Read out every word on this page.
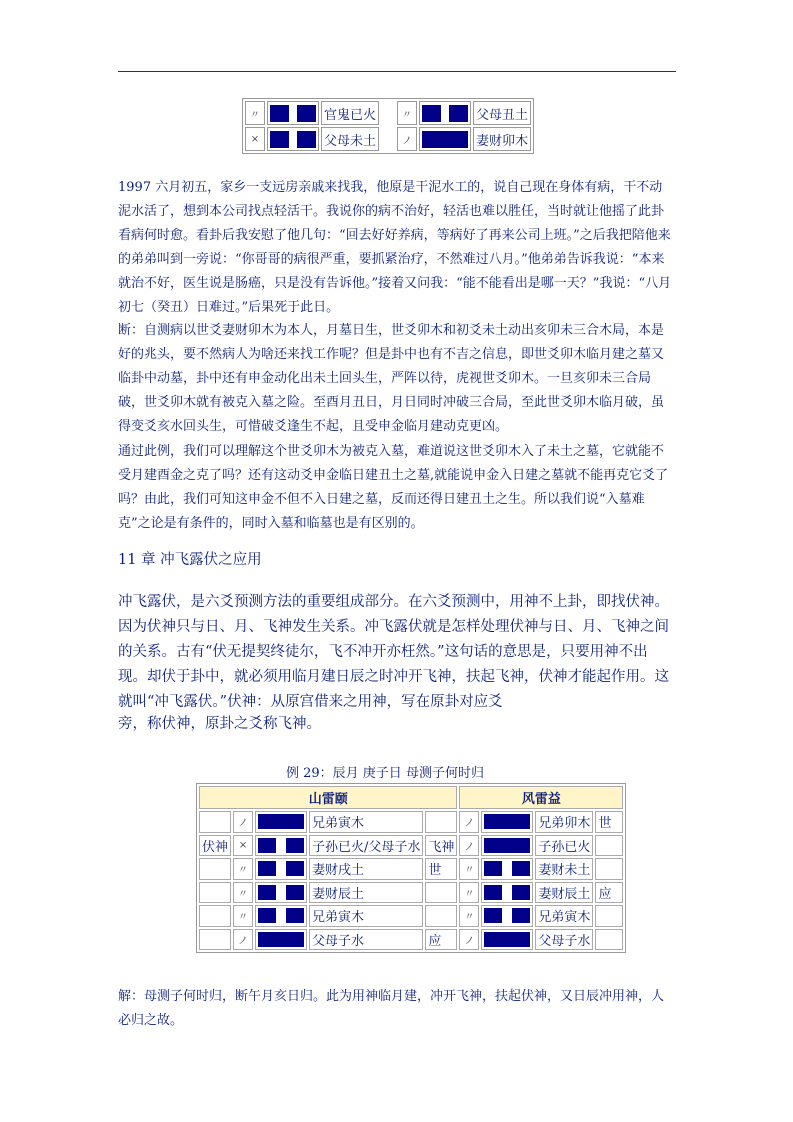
〃		官鬼已火		〃		父母丑土
×		父母未土		ノ		妻财卯木

1997 六月初五，家乡一支远房亲戚来找我，他原是干泥水工的，说自己现在身体有病，干不动泥水活了，想到本公司找点轻活干。我说你的病不治好，轻活也难以胜任，当时就让他摇了此卦看病何时愈。看卦后我安慰了他几句：“回去好好养病，等病好了再来公司上班。”之后我把陪他来的弟弟叫到一旁说：“你哥哥的病很严重，要抓紧治疗，不然难过八月。”他弟弟告诉我说：“本来就治不好，医生说是肠癌，只是没有告诉他。”接着又问我：“能不能看出是哪一天？”我说：“八月初七（癸丑）日难过。”后果死于此日。

断：自测病以世爻妻财卯木为本人，月墓日生，世爻卯木和初爻未土动出亥卯未三合木局，本是好的兆头，要不然病人为啥还来找工作呢？但是卦中也有不吉之信息，即世爻卯木临月建之墓又临卦中动墓，卦中还有申金动化出未土回头生，严阵以待，虎视世爻卯木。一旦亥卯未三合局破，世爻卯木就有被克入墓之险。至酉月丑日，月日同时冲破三合局，至此世爻卯木临月破，虽得变爻亥水回头生，可惜破爻逢生不起，且受申金临月建动克更凶。

通过此例，我们可以理解这个世爻卯木为被克入墓，难道说这世爻卯木入了未土之墓，它就能不受月建酉金之克了吗？还有这动爻申金临日建丑土之墓,就能说申金入日建之墓就不能再克它爻了吗？由此，我们可知这申金不但不入日建之墓，反而还得日建丑土之生。所以我们说“入墓难克”之论是有条件的，同时入墓和临墓也是有区别的。

11 章 冲飞露伏之应用

冲飞露伏，是六爻预测方法的重要组成部分。在六爻预测中，用神不上卦，即找伏神。因为伏神只与日、月、飞神发生关系。冲飞露伏就是怎样处理伏神与日、月、飞神之间的关系。古有“伏无提契终徒尔，飞不冲开亦枉然。”这句话的意思是，只要用神不出现。却伏于卦中，就必须用临月建日辰之时冲开飞神，扶起飞神，伏神才能起作用。这就叫“冲飞露伏。”伏神：从原宫借来之用神，写在原卦对应爻

旁，称伏神，原卦之爻称飞神。

例 29：辰月 庚子日 母测子何时归

山雷颐					风雷益			
	ノ		兄弟寅木		ノ		兄弟卯木	世
伏神	×		子孙已火/父母子水	飞神	ノ		子孙已火	
	〃		妻财戌土	世	〃		妻财未土	
	〃		妻财辰土		〃		妻财辰土	应
	〃		兄弟寅木		〃		兄弟寅木	
	ノ		父母子水	应	ノ		父母子水	

解：母测子何时归，断午月亥日归。此为用神临月建，冲开飞神，扶起伏神，又日辰冲用神，人必归之故。
